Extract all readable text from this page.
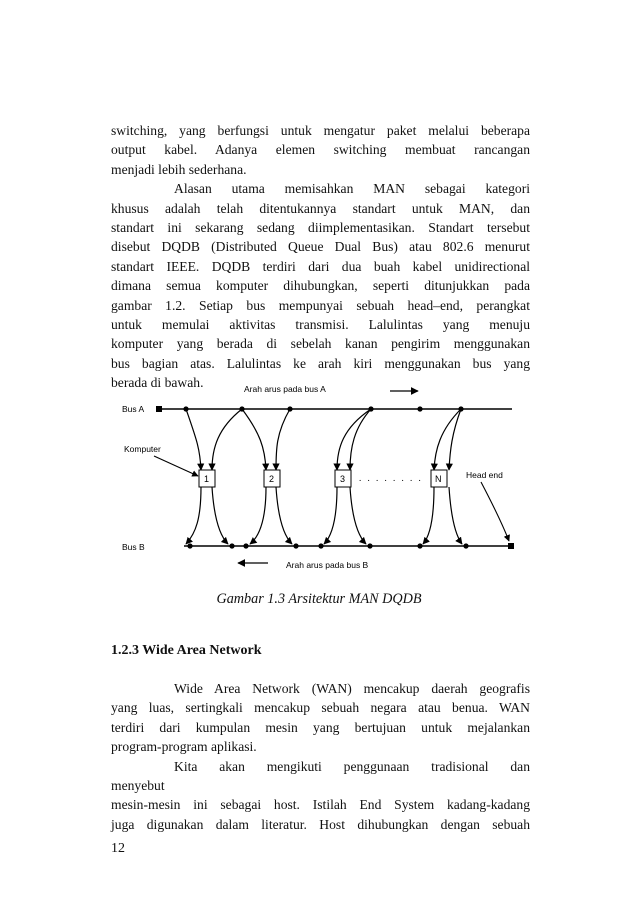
switching, yang berfungsi untuk mengatur paket melalui beberapa
output kabel. Adanya elemen switching membuat rancangan
menjadi lebih sederhana.
Alasan utama memisahkan MAN sebagai kategori
khusus adalah telah ditentukannya standart untuk MAN, dan
standart ini sekarang sedang diimplementasikan. Standart tersebut
disebut DQDB (Distributed Queue Dual Bus) atau 802.6 menurut
standart IEEE. DQDB terdiri dari dua buah kabel unidirectional
dimana semua komputer dihubungkan, seperti ditunjukkan pada
gambar 1.2. Setiap bus mempunyai sebuah head–end, perangkat
untuk memulai aktivitas transmisi. Lalulintas yang menuju
komputer yang berada di sebelah kanan pengirim menggunakan
bus bagian atas. Lalulintas ke arah kiri menggunakan bus yang
berada di bawah.	Arah arus pada bus A
Bus A
Bus B
1	2	3 . . . . . . . . N
Komputer
Head end
Arah arus pada bus B
Gambar 1.3 Arsitektur MAN DQDB
1.2.3 Wide Area Network
Wide Area Network (WAN) mencakup daerah geografis
yang luas, sertingkali mencakup sebuah negara atau benua. WAN
terdiri dari kumpulan mesin yang bertujuan untuk mejalankan
program-program aplikasi.
Kita akan mengikuti penggunaan tradisional dan
menyebut
mesin-mesin ini sebagai host. Istilah End System kadang-kadang
juga digunakan dalam literatur. Host dihubungkan dengan sebuah
12
